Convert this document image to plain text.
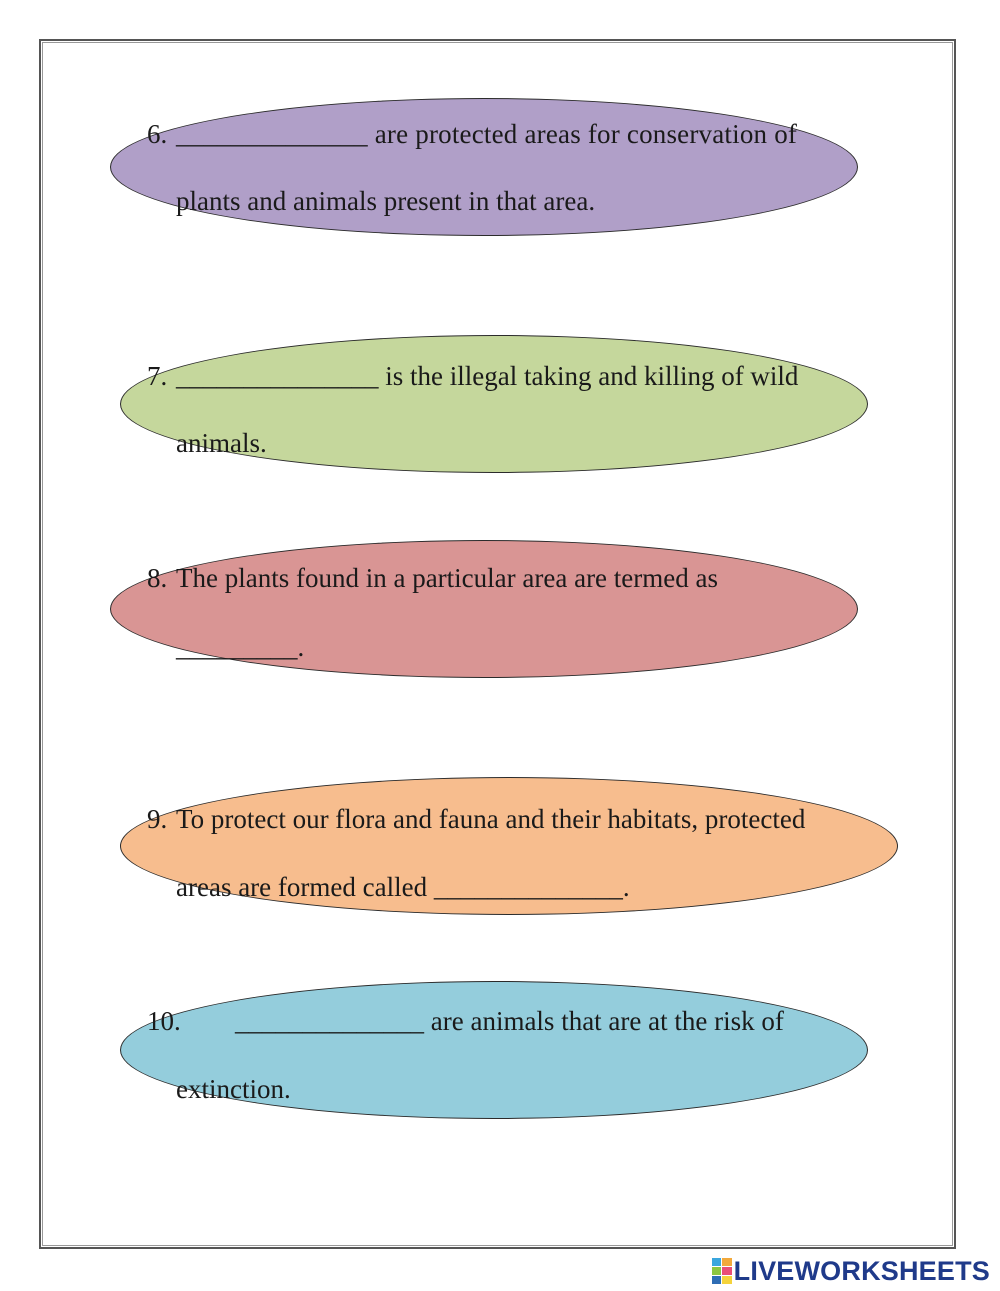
6. ______________ are protected areas for conservation of
plants and animals present in that area.
7. _______________ is the illegal taking and killing of wild
animals.
8. The plants found in a particular area are termed as
_________.
9. To protect our flora and fauna and their habitats, protected
areas are formed called ______________.
10. ______________ are animals that are at the risk of
extinction.
LIVEWORKSHEETS
